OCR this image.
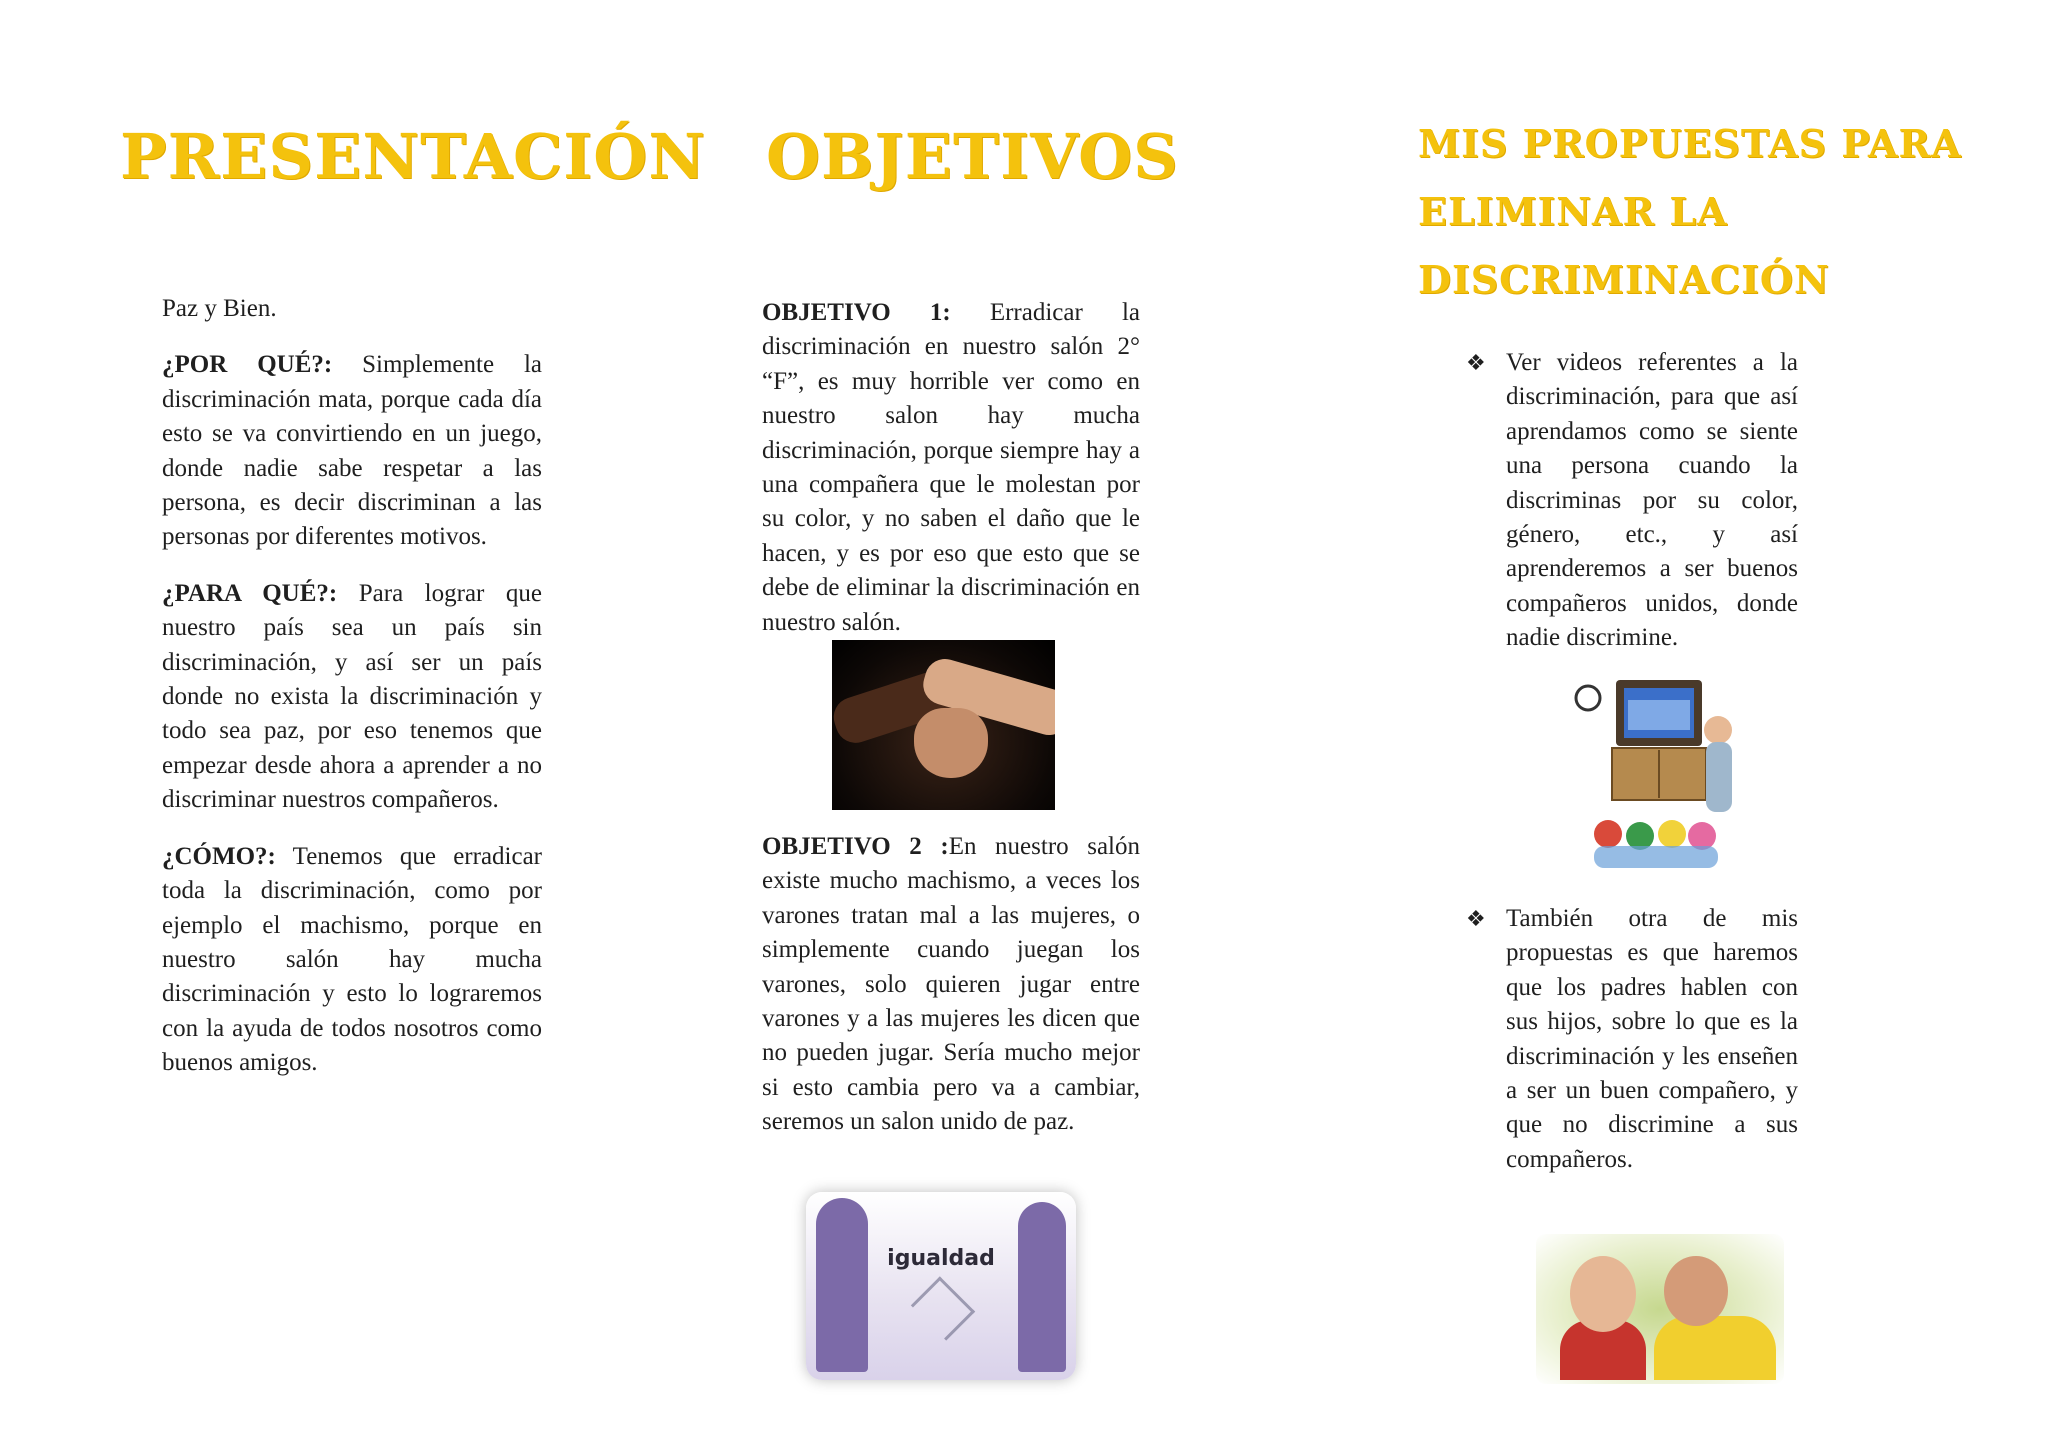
PRESENTACIÓN OBJETIVOS	MIS PROPUESTAS PARA
ELIMINAR LA
DISCRIMINACIÓN

Paz y Bien.

¿POR QUÉ?: Simplemente la discriminación mata, porque cada día esto se va convirtiendo en un juego, donde nadie sabe respetar a las persona, es decir discriminan a las personas por diferentes motivos.

¿PARA QUÉ?: Para lograr que nuestro país sea un país sin discriminación, y así ser un país donde no exista la discriminación y todo sea paz, por eso tenemos que empezar desde ahora a aprender a no discriminar nuestros compañeros.

¿CÓMO?: Tenemos que erradicar toda la discriminación, como por ejemplo el machismo, porque en nuestro salón hay mucha discriminación y esto lo lograremos con la ayuda de todos nosotros como buenos amigos.

OBJETIVO 1: Erradicar la discriminación en nuestro salón 2° “F”, es muy horrible ver como en nuestro salon hay mucha discriminación, porque siempre hay a una compañera que le molestan por su color, y no saben el daño que le hacen, y es por eso que esto que se debe de eliminar la discriminación en nuestro salón.

OBJETIVO 2 :En nuestro salón existe mucho machismo, a veces los varones tratan mal a las mujeres, o simplemente cuando juegan los varones, solo quieren jugar entre varones y a las mujeres les dicen que no pueden jugar. Sería mucho mejor si esto cambia pero va a cambiar, seremos un salon unido de paz.

igualdad
❖ Ver videos referentes a la discriminación, para que así aprendamos como se siente una persona cuando la discriminas por su color, género, etc., y así aprenderemos a ser buenos compañeros unidos, donde nadie discrimine.
❖ También otra de mis propuestas es que haremos que los padres hablen con sus hijos, sobre lo que es la discriminación y les enseñen a ser un buen compañero, y que no discrimine a sus compañeros.
